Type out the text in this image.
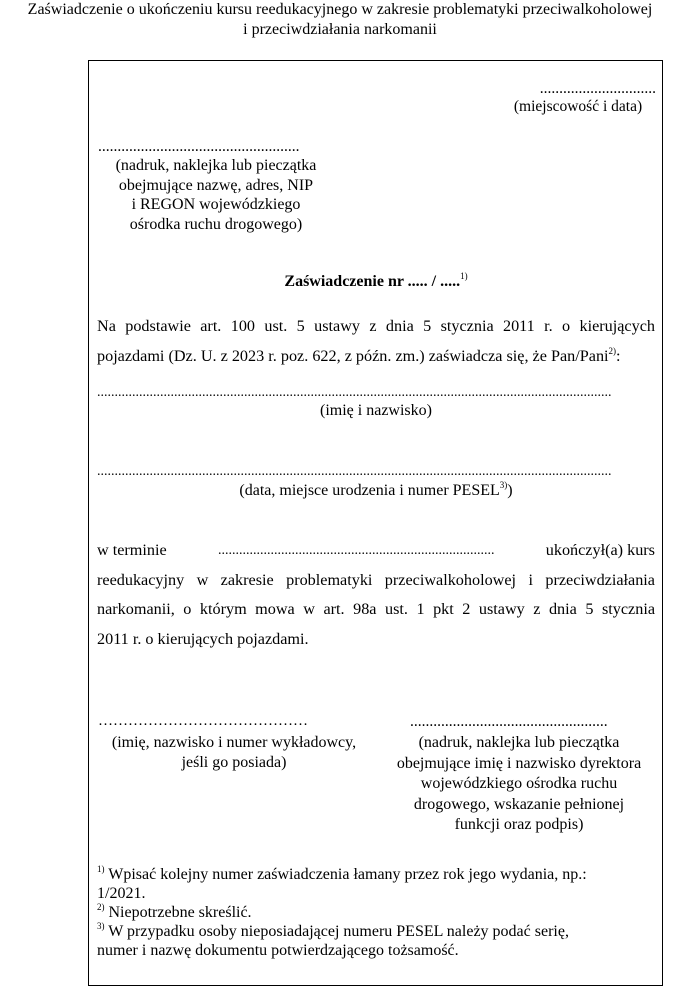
Zaświadczenie o ukończeniu kursu reedukacyjnego w zakresie problematyki przeciwalkoholowej
i przeciwdziałania narkomanii
..............................
(miejscowość i data)
....................................................
(nadruk, naklejka lub pieczątka
obejmujące nazwę, adres, NIP
i REGON wojewódzkiego
ośrodka ruchu drogowego)
Zaświadczenie nr ..... / .....$^{1)}$
Na podstawie art. 100 ust. 5 ustawy z dnia 5 stycznia 2011 r. o kierujących
pojazdami (Dz. U. z 2023 r. poz. 622, z późn. zm.) zaświadcza się, że Pan/Pani$^{2)}$:
...................................................................................................................................................
(imię i nazwisko)
...................................................................................................................................................
(data, miejsce urodzenia i numer PESEL$^{3)}$)
w terminie	...............................................................................	ukończył(a) kurs
reedukacyjny w zakresie problematyki przeciwalkoholowej i przeciwdziałania
narkomanii, o którym mowa w art. 98a ust. 1 pkt 2 ustawy z dnia 5 stycznia
2011 r. o kierujących pojazdami.
……………………………………
(imię, nazwisko i numer wykładowcy,
jeśli go posiada)
...................................................
(nadruk, naklejka lub pieczątka
obejmujące imię i nazwisko dyrektora
wojewódzkiego ośrodka ruchu
drogowego, wskazanie pełnionej
funkcji oraz podpis)
$^{1)}$ Wpisać kolejny numer zaświadczenia łamany przez rok jego wydania, np.:
1/2021.
$^{2)}$ Niepotrzebne skreślić.
$^{3)}$ W przypadku osoby nieposiadającej numeru PESEL należy podać serię,
numer i nazwę dokumentu potwierdzającego tożsamość.
